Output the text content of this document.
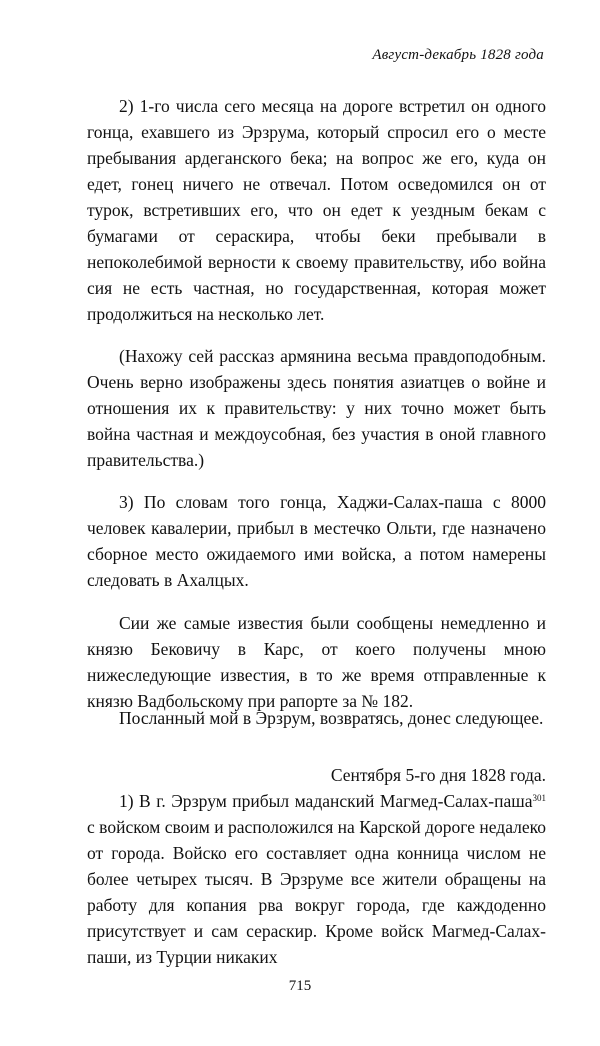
Август-декабрь 1828 года

2) 1-го числа сего месяца на дороге встретил он одного гонца, ехавшего из Эрзрума, который спросил его о месте пребывания ардеганского бека; на вопрос же его, куда он едет, гонец ничего не отвечал. Потом осведомился он от турок, встретивших его, что он едет к уездным бекам с бумагами от сераскира, чтобы беки пребывали в непоколебимой верности к своему правительству, ибо война сия не есть частная, но государственная, которая может продолжиться на несколько лет.

(Нахожу сей рассказ армянина весьма правдоподобным. Очень верно изображены здесь понятия азиатцев о войне и отношения их к правительству: у них точно может быть война частная и междоусобная, без участия в оной главного правительства.)

3) По словам того гонца, Хаджи-Салах-паша с 8000 человек кавалерии, прибыл в местечко Ольти, где назначено сборное место ожидаемого ими войска, а потом намерены следовать в Ахалцых.

Сии же самые известия были сообщены немедленно и князю Бековичу в Карс, от коего получены мною нижеследующие известия, в то же время отправленные к князю Вадбольскому при рапорте за № 182.

Посланный мой в Эрзрум, возвратясь, донес следующее.

Сентября 5-го дня 1828 года.

1) В г. Эрзрум прибыл маданский Магмед-Салах-паша$^{301}$ с войском своим и расположился на Карской дороге недалеко от города. Войско его составляет одна конница числом не более четырех тысяч. В Эрзруме все жители обращены на работу для копания рва вокруг города, где каждоденно присутствует и сам сераскир. Кроме войск Магмед-Салах-паши, из Турции никаких

715
